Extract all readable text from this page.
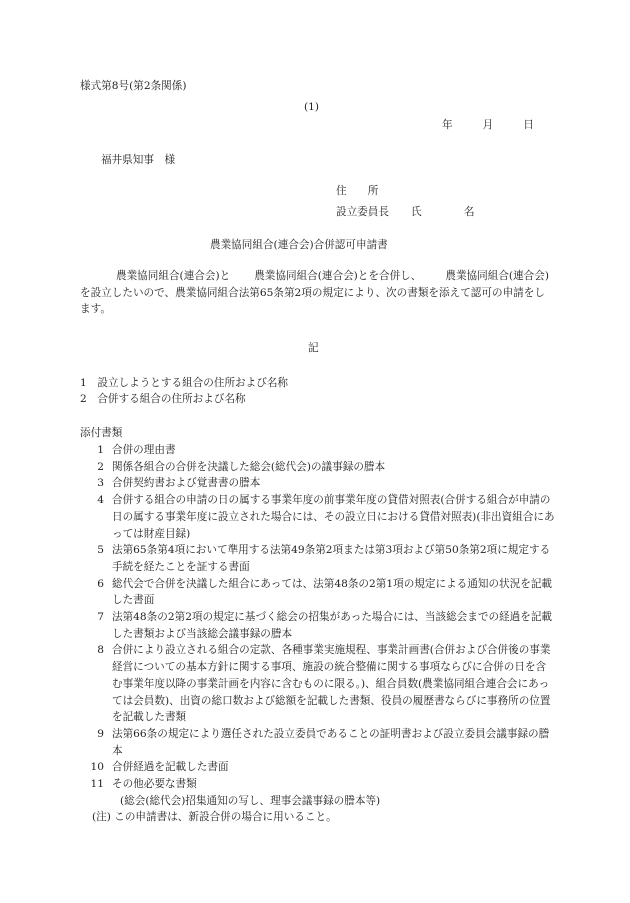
様式第8号(第2条関係)
(1)
年	月	日
福井県知事　様
住　　所
設立委員長 氏　　　　名
農業協同組合(連合会)合併認可申請書
農業協同組合(連合会)と 農業協同組合(連合会)とを合併し、 農業協同組合(連合会)を設立したいので、農業協同組合法第65条第2項の規定により、次の書類を添えて認可の申請をします。
記
1　 設立しようとする組合の住所および名称
2　 合併する組合の住所および名称
添付書類
1 合併の理由書
2 関係各組合の合併を決議した総会(総代会)の議事録の謄本
3 合併契約書および覚書書の謄本
4 合併する組合の申請の日の属する事業年度の前事業年度の貸借対照表(合併する組合が申請の日の属する事業年度に設立された場合には、その設立日における貸借対照表)(非出資組合にあっては財産目録)
5 法第65条第4項において準用する法第49条第2項または第3項および第50条第2項に規定する手続を経たことを証する書面
6 総代会で合併を決議した組合にあっては、法第48条の2第1項の規定による通知の状況を記載した書面
7 法第48条の2第2項の規定に基づく総会の招集があった場合には、当該総会までの経過を記載した書類および当該総会議事録の謄本
8 合併により設立される組合の定款、各種事業実施規程、事業計画書(合併および合併後の事業経営についての基本方針に関する事項、施設の統合整備に関する事項ならびに合併の日を含む事業年度以降の事業計画を内容に含むものに限る。)、組合員数(農業協同組合連合会にあっては会員数)、出資の総口数および総額を記載した書類、役員の履歴書ならびに事務所の位置を記載した書類
9 法第66条の規定により選任された設立委員であることの証明書および設立委員会議事録の謄本
10 合併経過を記載した書面
11 その他必要な書類
(総会(総代会)招集通知の写し、理事会議事録の謄本等)
(注) この申請書は、新設合併の場合に用いること。
